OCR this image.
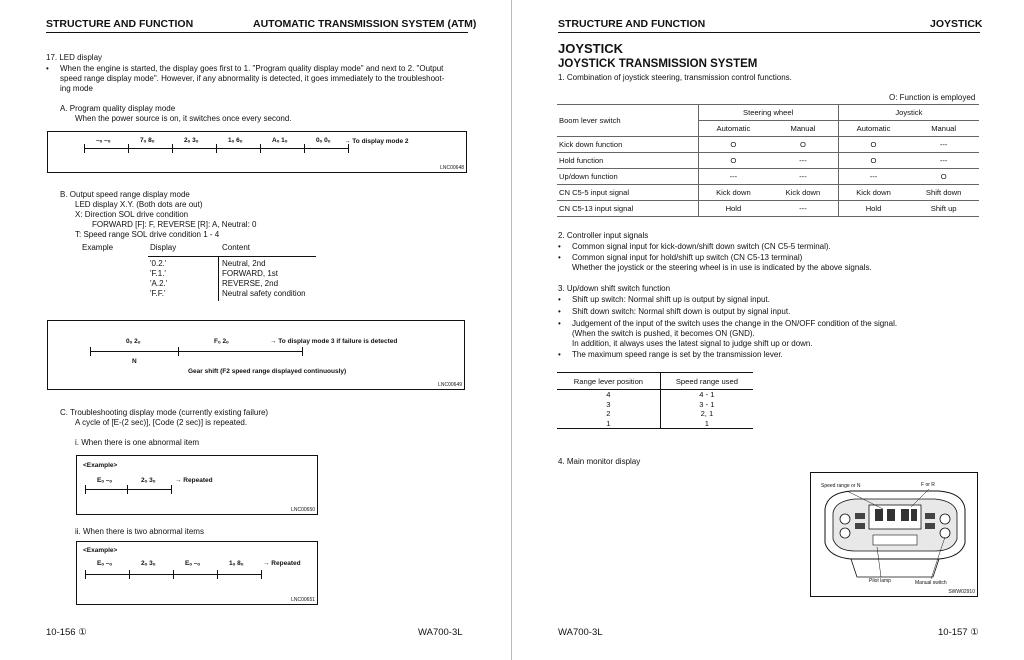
STRUCTURE AND FUNCTION	AUTOMATIC TRANSMISSION SYSTEM (ATM)
17. LED display
• When the engine is started, the display goes first to 1. "Program quality display mode" and next to 2. "Output
speed range display mode". However, if any abnormality is detected, it goes immediately to the troubleshoot-
ing mode
A. Program quality display mode
When the power source is on, it switches once every second.
–ₒ –ₒ	7ₒ 8ₒ	2ₒ 3ₒ	1ₒ 6ₒ	Aₒ 1ₒ	0ₒ 0ₒ → To display mode 2
LNC00648
B. Output speed range display mode
LED display X.Y. (Both dots are out)
X: Direction SOL drive condition
FORWARD [F]: F, REVERSE [R]: A, Neutral: 0
T: Speed range SOL drive condition 1 - 4
Example	Display	Content
'0.2.'	Neutral, 2nd
'F.1.'	FORWARD, 1st
'A.2.'	REVERSE, 2nd
'F.F.'	Neutral safety condition
0ₒ 2ₒ	Fₒ 2ₒ	→ To display mode 3 if failure is detected
N
Gear shift (F2 speed range displayed continuously)
LNC00649
C. Troubleshooting display mode (currently existing failure)
A cycle of [E-(2 sec)], [Code (2 sec)] is repeated.
i. When there is one abnormal item
<Example>
Eₒ –ₒ	2ₒ 3ₒ	→ Repeated
LNC00650
ii. When there is two abnormal items
<Example>
Eₒ –ₒ	2ₒ 3ₒ	Eₒ –ₒ	1ₒ 8ₒ	→ Repeated
LNC00651
10-156 ①	WA700-3L
STRUCTURE AND FUNCTION	JOYSTICK
JOYSTICK
JOYSTICK TRANSMISSION SYSTEM
1. Combination of joystick steering, transmission control functions.
O: Function is employed
Boom lever switch	Steering wheel		Joystick	
	Automatic	Manual	Automatic	Manual
Kick down function	O	O	O	---
Hold function	O	---	O	---
Up/down function	---	---	---	O
CN C5-5 input signal	Kick down	Kick down	Kick down	Shift down
CN C5-13 input signal	Hold	---	Hold	Shift up
2. Controller input signals
• Common signal input for kick-down/shift down switch (CN C5-5 terminal).
• Common signal input for hold/shift up switch (CN C5-13 terminal)
Whether the joystick or the steering wheel is in use is indicated by the above signals.
3. Up/down shift switch function
• Shift up switch: Normal shift up is output by signal input.
• Shift down switch: Normal shift down is output by signal input.
• Judgement of the input of the switch uses the change in the ON/OFF condition of the signal.
(When the switch is pushed, it becomes ON (GND).
In addition, it always uses the latest signal to judge shift up or down.
• The maximum speed range is set by the transmission lever.
Range lever position	Speed range used
4	4 - 1
3	3 - 1
2	2, 1
1	1
4. Main monitor display
Speed range or N	F or R
Pilot lamp	Manual switch
SWW02910
WA700-3L	10-157 ①
